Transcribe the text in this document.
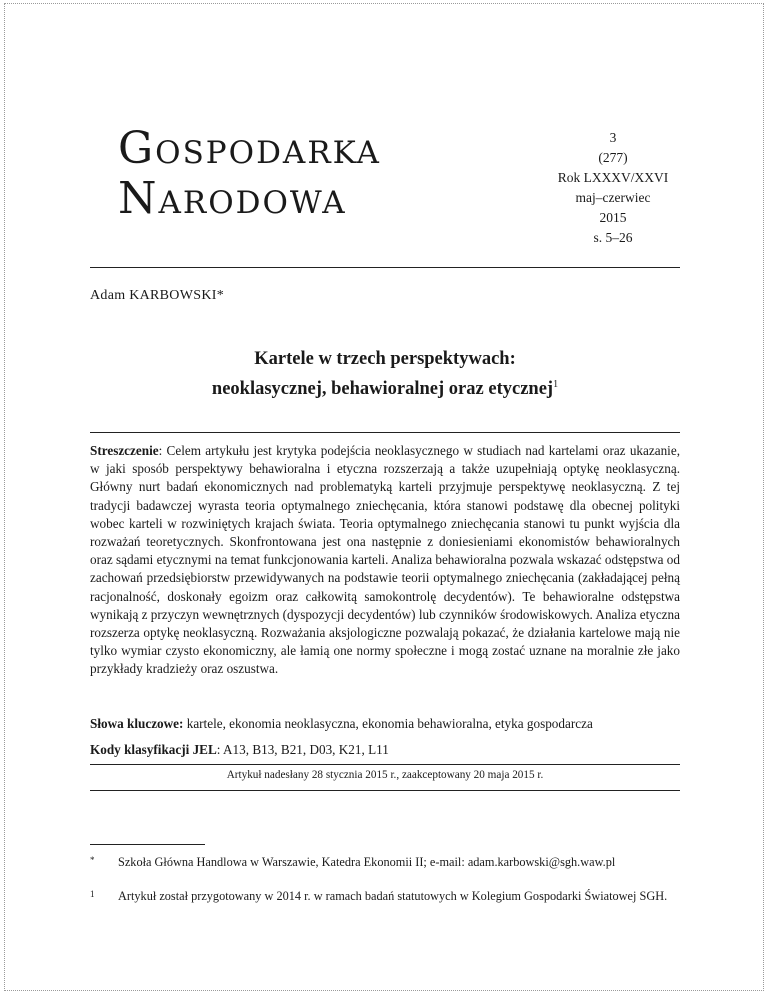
Gospodarka
Narodowa
3
(277)
Rok LXXXV/XXVI
maj–czerwiec
2015
s. 5–26
Adam KARBOWSKI*
Kartele w trzech perspektywach:
neoklasycznej, behawioralnej oraz etycznej$^1$
Streszczenie: Celem artykułu jest krytyka podejścia neoklasycznego w studiach nad kartelami oraz ukazanie, w jaki sposób perspektywy behawioralna i etyczna rozszerzają a także uzupełniają optykę neoklasyczną. Główny nurt badań ekonomicznych nad problematyką karteli przyjmuje perspektywę neoklasyczną. Z tej tradycji badawczej wyrasta teoria optymalnego zniechęcania, która stanowi podstawę dla obecnej polityki wobec karteli w rozwiniętych krajach świata. Teoria optymalnego zniechęcania stanowi tu punkt wyjścia dla rozważań teoretycznych. Skonfrontowana jest ona następnie z doniesieniami ekonomistów behawioralnych oraz sądami etycznymi na temat funkcjonowania karteli. Analiza behawioralna pozwala wskazać odstępstwa od zachowań przedsiębiorstw przewidywanych na podstawie teorii optymalnego zniechęcania (zakładającej pełną racjonalność, doskonały egoizm oraz całkowitą samokontrolę decydentów). Te behawioralne odstępstwa wynikają z przyczyn wewnętrznych (dyspozycji decydentów) lub czynników środowiskowych. Analiza etyczna rozszerza optykę neoklasyczną. Rozważania aksjologiczne pozwalają pokazać, że działania kartelowe mają nie tylko wymiar czysto ekonomiczny, ale łamią one normy społeczne i mogą zostać uznane na moralnie złe jako przykłady kradzieży oraz oszustwa.
Słowa kluczowe: kartele, ekonomia neoklasyczna, ekonomia behawioralna, etyka gospodarcza
Kody klasyfikacji JEL: A13, B13, B21, D03, K21, L11
Artykuł nadesłany 28 stycznia 2015 r., zaakceptowany 20 maja 2015 r.
* Szkoła Główna Handlowa w Warszawie, Katedra Ekonomii II; e-mail: adam.karbowski@sgh.waw.pl
1 Artykuł został przygotowany w 2014 r. w ramach badań statutowych w Kolegium Gospodarki Światowej SGH.
